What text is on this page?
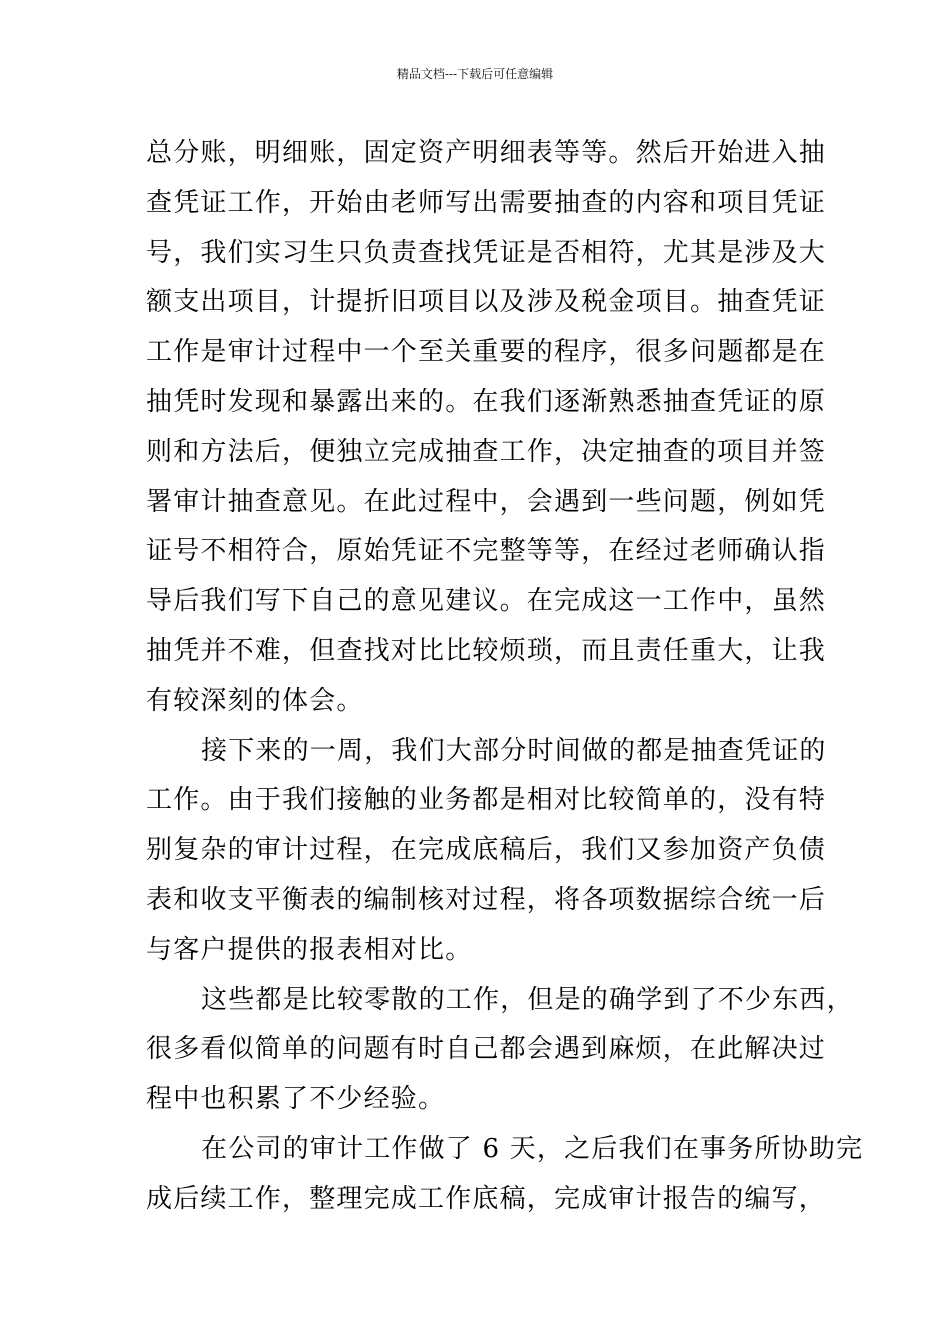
精品文档---下载后可任意编辑
总分账，明细账，固定资产明细表等等。然后开始进入抽
查凭证工作，开始由老师写出需要抽查的内容和项目凭证
号，我们实习生只负责查找凭证是否相符，尤其是涉及大
额支出项目，计提折旧项目以及涉及税金项目。抽查凭证
工作是审计过程中一个至关重要的程序，很多问题都是在
抽凭时发现和暴露出来的。在我们逐渐熟悉抽查凭证的原
则和方法后，便独立完成抽查工作，决定抽查的项目并签
署审计抽查意见。在此过程中，会遇到一些问题，例如凭
证号不相符合，原始凭证不完整等等，在经过老师确认指
导后我们写下自己的意见建议。在完成这一工作中，虽然
抽凭并不难，但查找对比比较烦琐，而且责任重大，让我
有较深刻的体会。
接下来的一周，我们大部分时间做的都是抽查凭证的
工作。由于我们接触的业务都是相对比较简单的，没有特
别复杂的审计过程，在完成底稿后，我们又参加资产负债
表和收支平衡表的编制核对过程，将各项数据综合统一后
与客户提供的报表相对比。
这些都是比较零散的工作，但是的确学到了不少东西，
很多看似简单的问题有时自己都会遇到麻烦，在此解决过
程中也积累了不少经验。
在公司的审计工作做了 6 天，之后我们在事务所协助完
成后续工作，整理完成工作底稿，完成审计报告的编写，
